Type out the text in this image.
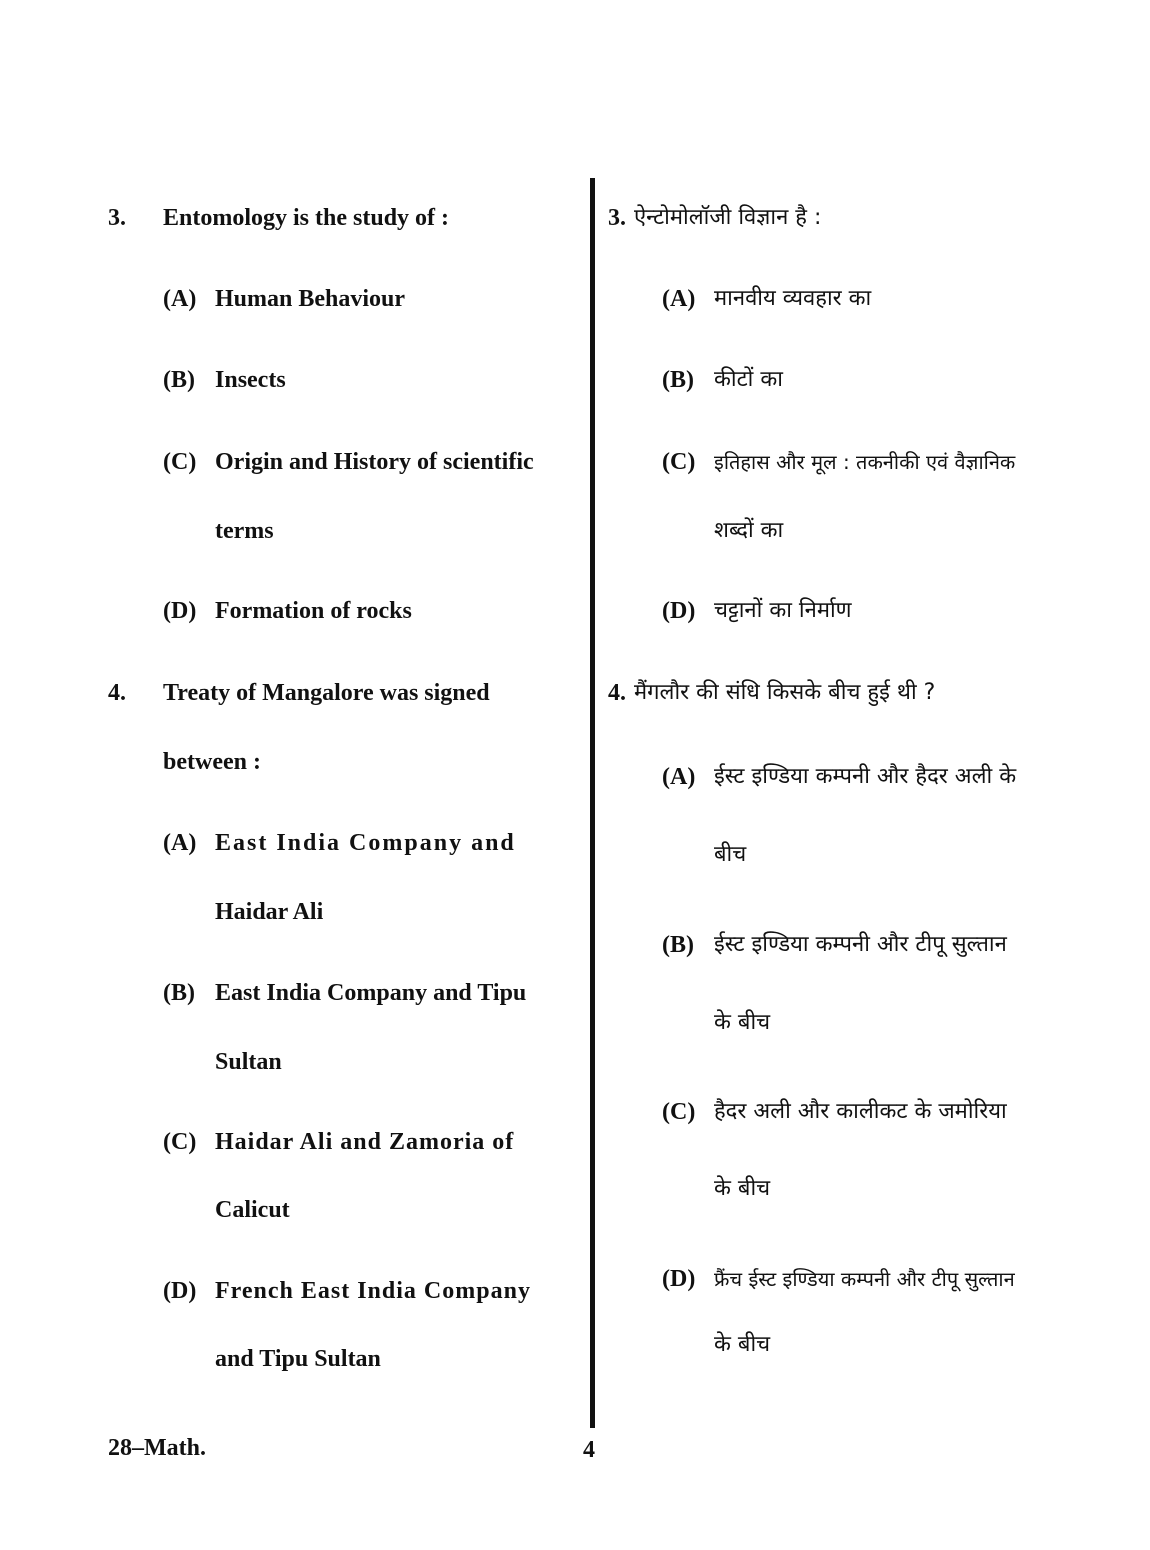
3. Entomology is the study of :
(A) Human Behaviour
(B) Insects
(C) Origin and History of scientific
terms
(D) Formation of rocks
4. Treaty of Mangalore was signed
between :
(A) East India Company and
Haidar Ali
(B) East India Company and Tipu
Sultan
(C) Haidar Ali and Zamoria of
Calicut
(D) French East India Company
and Tipu Sultan
3. ऐन्टोमोलॉजी विज्ञान है :
(A) मानवीय व्यवहार का
(B) कीटों का
(C) इतिहास और मूल : तकनीकी एवं वैज्ञानिक
शब्दों का
(D) चट्टानों का निर्माण
4. मैंगलौर की संधि किसके बीच हुई थी ?
(A) ईस्ट इण्डिया कम्पनी और हैदर अली के
बीच
(B) ईस्ट इण्डिया कम्पनी और टीपू सुल्तान
के बीच
(C) हैदर अली और कालीकट के जमोरिया
के बीच
(D) फ्रैंच ईस्ट इण्डिया कम्पनी और टीपू सुल्तान
के बीच
28–Math.	4
